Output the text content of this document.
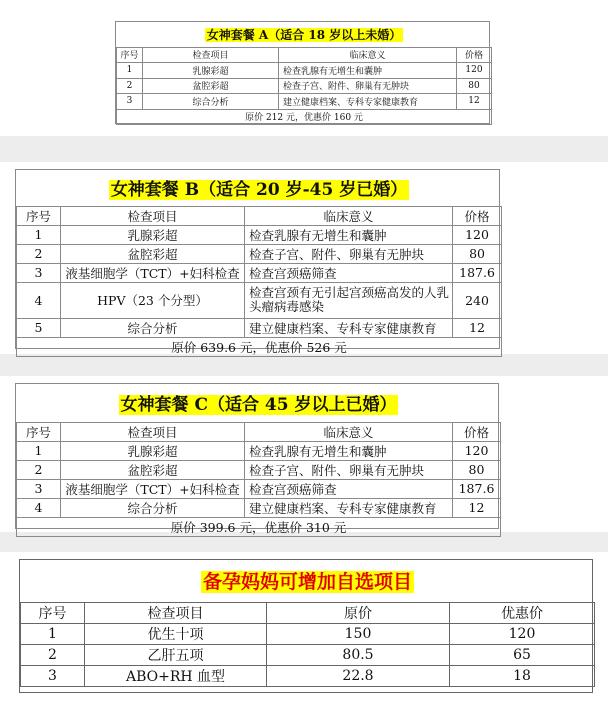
女神套餐 A（适合 18 岁以上未婚）			
序号	检查项目	临床意义	价格
1	乳腺彩超	检查乳腺有无增生和囊肿	120
2	盆腔彩超	检查子宫、附件、卵巢有无肿块	80
3	综合分析	建立健康档案、专科专家健康教育	12
原价 212 元，优惠价 160 元			
女神套餐 B（适合 20 岁-45 岁已婚）			
序号	检查项目	临床意义	价格
1	乳腺彩超	检查乳腺有无增生和囊肿	120
2	盆腔彩超	检查子宫、附件、卵巢有无肿块	80
3	液基细胞学（TCT）+妇科检查	检查宫颈癌筛查	187.6
4	HPV（23 个分型）	检查宫颈有无引起宫颈癌高发的人乳头瘤病毒感染	240
5	综合分析	建立健康档案、专科专家健康教育	12
原价 639.6 元，优惠价 526 元			
女神套餐 C（适合 45 岁以上已婚）			
序号	检查项目	临床意义	价格
1	乳腺彩超	检查乳腺有无增生和囊肿	120
2	盆腔彩超	检查子宫、附件、卵巢有无肿块	80
3	液基细胞学（TCT）+妇科检查	检查宫颈癌筛查	187.6
4	综合分析	建立健康档案、专科专家健康教育	12
原价 399.6 元，优惠价 310 元			
备孕妈妈可增加自选项目			
序号	检查项目	原价	优惠价
1	优生十项	150	120
2	乙肝五项	80.5	65
3	ABO+RH 血型	22.8	18
